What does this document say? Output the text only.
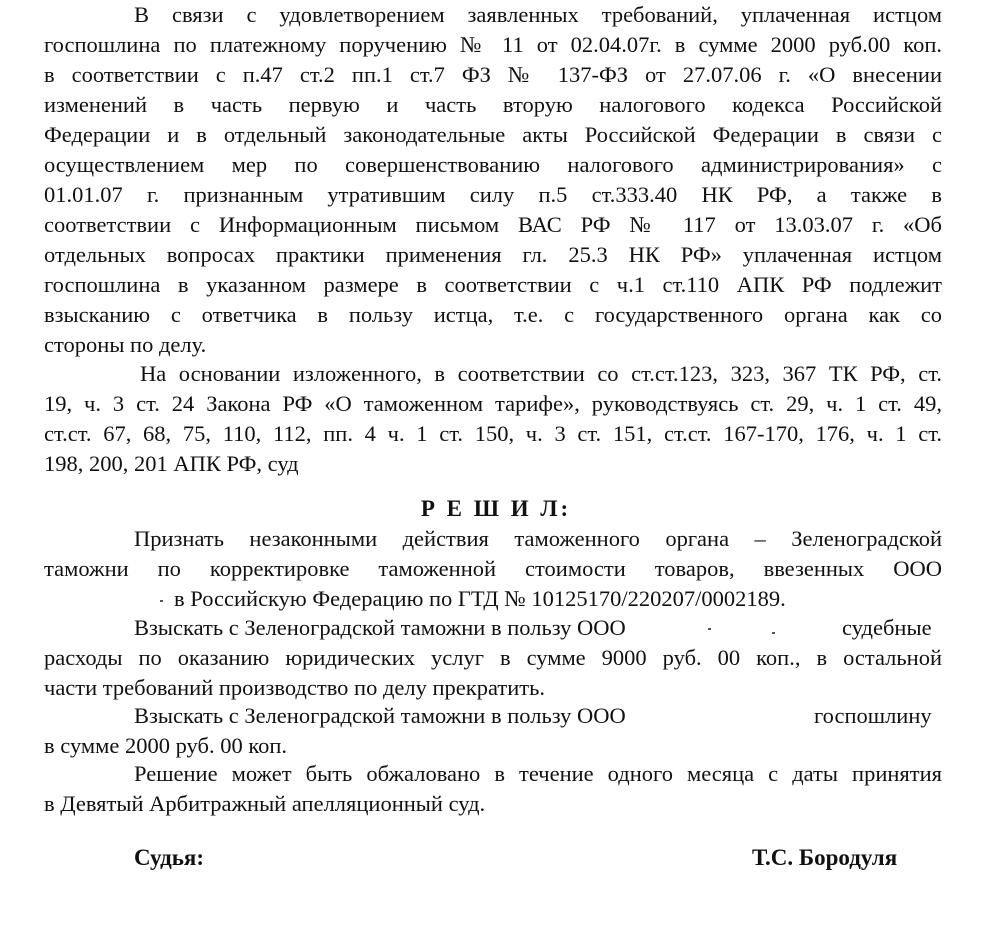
В связи с удовлетворением заявленных требований, уплаченная истцом
госпошлина по платежному поручению № 11 от 02.04.07г. в сумме 2000 руб.00 коп.
в соответствии с п.47 ст.2 пп.1 ст.7 ФЗ № 137-ФЗ от 27.07.06 г. «О внесении
изменений в часть первую и часть вторую налогового кодекса Российской
Федерации и в отдельный законодательные акты Российской Федерации в связи с
осуществлением мер по совершенствованию налогового администрирования» с
01.01.07 г. признанным утратившим силу п.5 ст.333.40 НК РФ, а также в
соответствии с Информационным письмом ВАС РФ № 117 от 13.03.07 г. «Об
отдельных вопросах практики применения гл. 25.3 НК РФ» уплаченная истцом
госпошлина в указанном размере в соответствии с ч.1 ст.110 АПК РФ подлежит
взысканию с ответчика в пользу истца, т.е. с государственного органа как со
стороны по делу.
На основании изложенного, в соответствии со ст.ст.123, 323, 367 ТК РФ, ст.
19, ч. 3 ст. 24 Закона РФ «О таможенном тарифе», руководствуясь ст. 29, ч. 1 ст. 49,
ст.ст. 67, 68, 75, 110, 112, пп. 4 ч. 1 ст. 150, ч. 3 ст. 151, ст.ст. 167-170, 176, ч. 1 ст.
198, 200, 201 АПК РФ, суд
Р Е Ш И Л:
Признать незаконными действия таможенного органа – Зеленоградской
таможни по корректировке таможенной стоимости товаров, ввезенных ООО
в Российскую Федерацию по ГТД № 10125170/220207/0002189.
Взыскать с Зеленоградской таможни в пользу ООО	судебные
расходы по оказанию юридических услуг в сумме 9000 руб. 00 коп., в остальной
части требований производство по делу прекратить.
Взыскать с Зеленоградской таможни в пользу ООО	госпошлину
в сумме 2000 руб. 00 коп.
Решение может быть обжаловано в течение одного месяца с даты принятия
в Девятый Арбитражный апелляционный суд.
Судья:	Т.С. Бородуля
